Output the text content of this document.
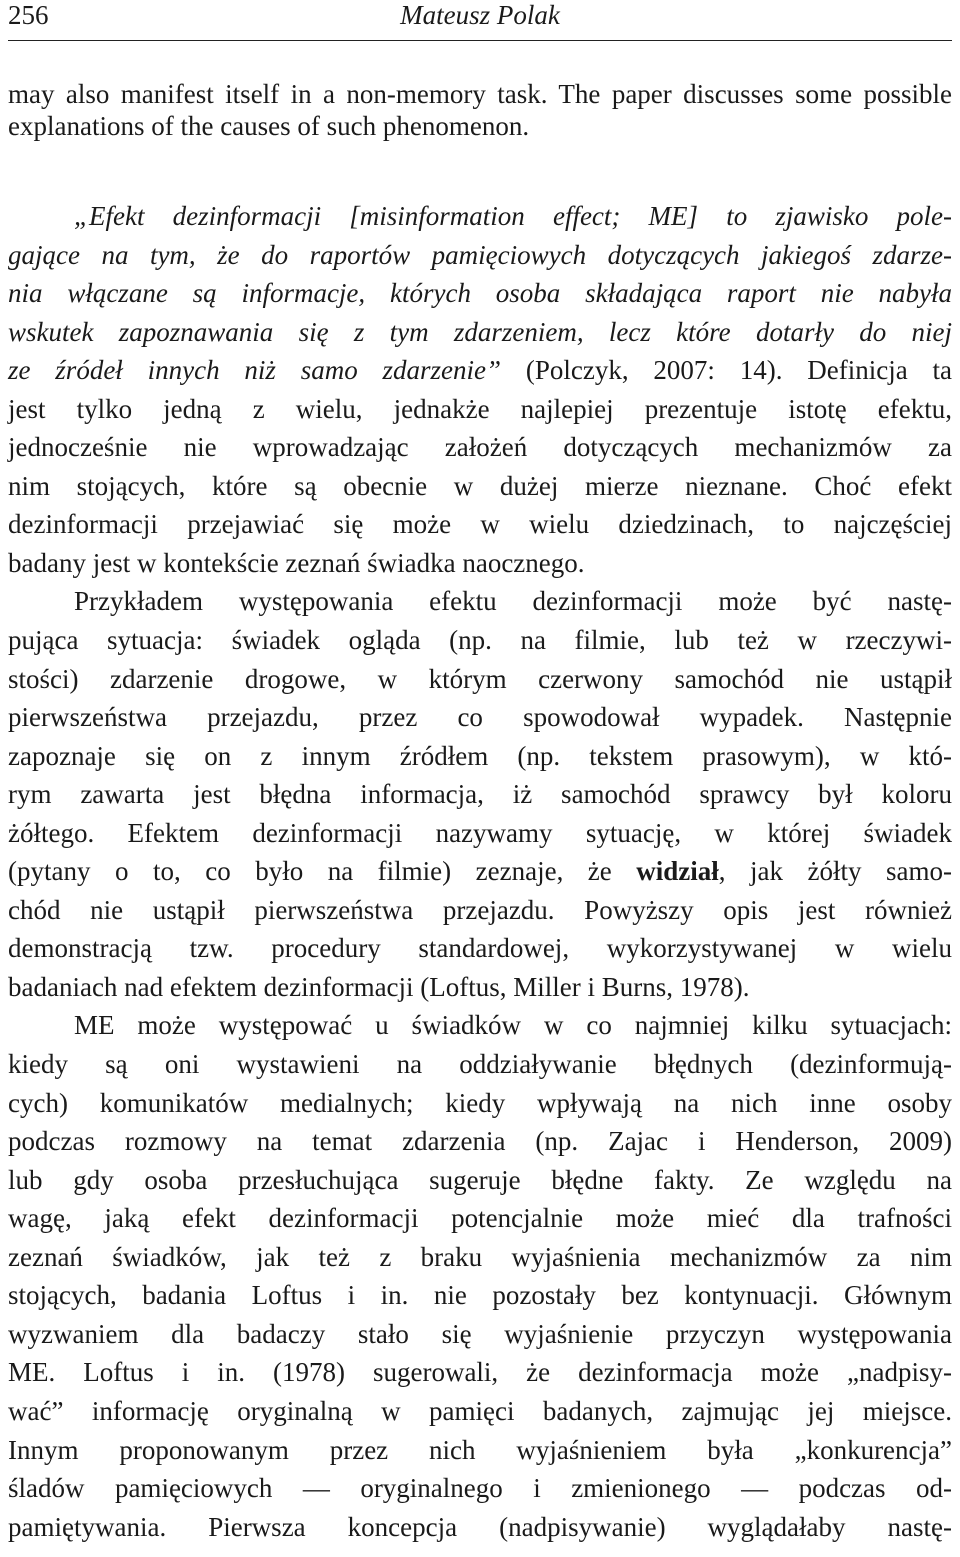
256	Mateusz Polak
may also manifest itself in a non-memory task. The paper discusses some possible
explanations of the causes of such phenomenon.
„Efekt dezinformacji [misinformation effect; ME] to zjawisko pole-
gające na tym, że do raportów pamięciowych dotyczących jakiegoś zdarze-
nia włączane są informacje, których osoba składająca raport nie nabyła
wskutek zapoznawania się z tym zdarzeniem, lecz które dotarły do niej
ze źródeł innych niż samo zdarzenie” (Polczyk, 2007: 14). Definicja ta
jest tylko jedną z wielu, jednakże najlepiej prezentuje istotę efektu,
jednocześnie nie wprowadzając założeń dotyczących mechanizmów za
nim stojących, które są obecnie w dużej mierze nieznane. Choć efekt
dezinformacji przejawiać się może w wielu dziedzinach, to najczęściej
badany jest w kontekście zeznań świadka naocznego.
Przykładem występowania efektu dezinformacji może być nastę-
pująca sytuacja: świadek ogląda (np. na filmie, lub też w rzeczywi-
stości) zdarzenie drogowe, w którym czerwony samochód nie ustąpił
pierwszeństwa przejazdu, przez co spowodował wypadek. Następnie
zapoznaje się on z innym źródłem (np. tekstem prasowym), w któ-
rym zawarta jest błędna informacja, iż samochód sprawcy był koloru
żółtego. Efektem dezinformacji nazywamy sytuację, w której świadek
(pytany o to, co było na filmie) zeznaje, że widział, jak żółty samo-
chód nie ustąpił pierwszeństwa przejazdu. Powyższy opis jest również
demonstracją tzw. procedury standardowej, wykorzystywanej w wielu
badaniach nad efektem dezinformacji (Loftus, Miller i Burns, 1978).
ME może występować u świadków w co najmniej kilku sytuacjach:
kiedy są oni wystawieni na oddziaływanie błędnych (dezinformują-
cych) komunikatów medialnych; kiedy wpływają na nich inne osoby
podczas rozmowy na temat zdarzenia (np. Zajac i Henderson, 2009)
lub gdy osoba przesłuchująca sugeruje błędne fakty. Ze względu na
wagę, jaką efekt dezinformacji potencjalnie może mieć dla trafności
zeznań świadków, jak też z braku wyjaśnienia mechanizmów za nim
stojących, badania Loftus i in. nie pozostały bez kontynuacji. Głównym
wyzwaniem dla badaczy stało się wyjaśnienie przyczyn występowania
ME. Loftus i in. (1978) sugerowali, że dezinformacja może „nadpisy-
wać” informację oryginalną w pamięci badanych, zajmując jej miejsce.
Innym proponowanym przez nich wyjaśnieniem była „konkurencja”
śladów pamięciowych — oryginalnego i zmienionego — podczas od-
pamiętywania. Pierwsza koncepcja (nadpisywanie) wyglądałaby nastę-
